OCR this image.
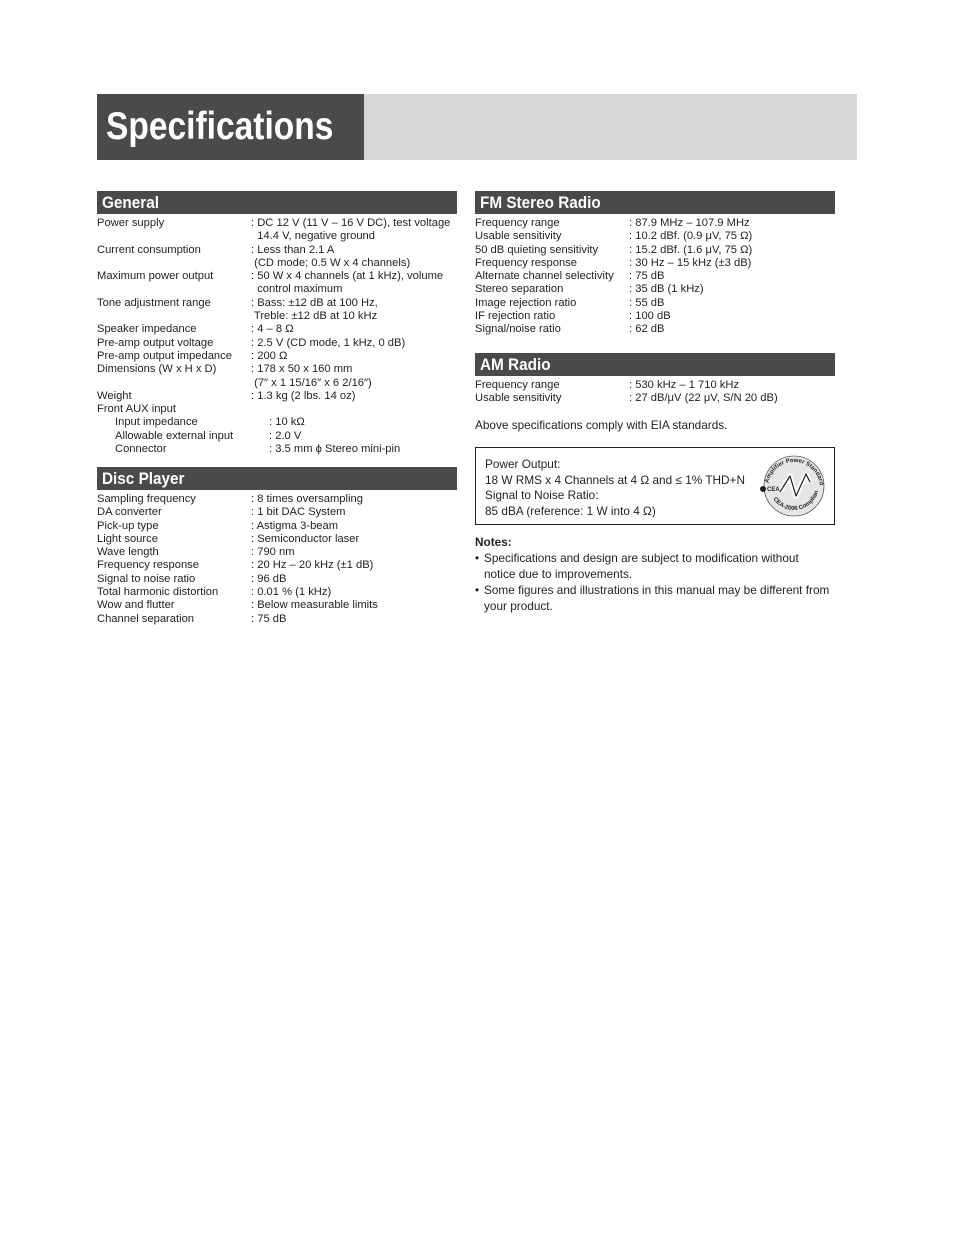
Specifications
General
Power supply	: DC 12 V (11 V – 16 V DC), test voltage
14.4 V, negative ground
Current consumption	: Less than 2.1 A
(CD mode; 0.5 W x 4 channels)
Maximum power output	: 50 W x 4 channels (at 1 kHz), volume
control maximum
Tone adjustment range	: Bass: ±12 dB at 100 Hz,
Treble: ±12 dB at 10 kHz
Speaker impedance	: 4 – 8 Ω
Pre-amp output voltage	: 2.5 V (CD mode, 1 kHz, 0 dB)
Pre-amp output impedance	: 200 Ω
Dimensions (W x H x D)	: 178 x 50 x 160 mm
(7″ x 1 15/16″ x 6 2/16″)
Weight	: 1.3 kg (2 lbs. 14 oz)
Front AUX input
Input impedance	: 10 kΩ
Allowable external input	: 2.0 V
Connector	: 3.5 mm ϕ Stereo mini-pin
Disc Player
Sampling frequency	: 8 times oversampling
DA converter	: 1 bit DAC System
Pick-up type	: Astigma 3-beam
Light source	: Semiconductor laser
Wave length	: 790 nm
Frequency response	: 20 Hz – 20 kHz (±1 dB)
Signal to noise ratio	: 96 dB
Total harmonic distortion	: 0.01 % (1 kHz)
Wow and flutter	: Below measurable limits
Channel separation	: 75 dB
FM Stereo Radio
Frequency range	: 87.9 MHz – 107.9 MHz
Usable sensitivity	: 10.2 dBf. (0.9 μV, 75 Ω)
50 dB quieting sensitivity	: 15.2 dBf. (1.6 μV, 75 Ω)
Frequency response	: 30 Hz – 15 kHz (±3 dB)
Alternate channel selectivity	: 75 dB
Stereo separation	: 35 dB (1 kHz)
Image rejection ratio	: 55 dB
IF rejection ratio	: 100 dB
Signal/noise ratio	: 62 dB
AM Radio
Frequency range	: 530 kHz – 1 710 kHz
Usable sensitivity	: 27 dB/μV (22 μV, S/N 20 dB)
Above specifications comply with EIA standards.
Power Output:
18 W RMS x 4 Channels at 4 Ω and ≤ 1% THD+N
Signal to Noise Ratio:
85 dBA (reference: 1 W into 4 Ω)
Amplifier Power Standard
CEA-2006 Complian
CEA
Notes:
• Specifications and design are subject to modification without
notice due to improvements.
• Some figures and illustrations in this manual may be different from
your product.
